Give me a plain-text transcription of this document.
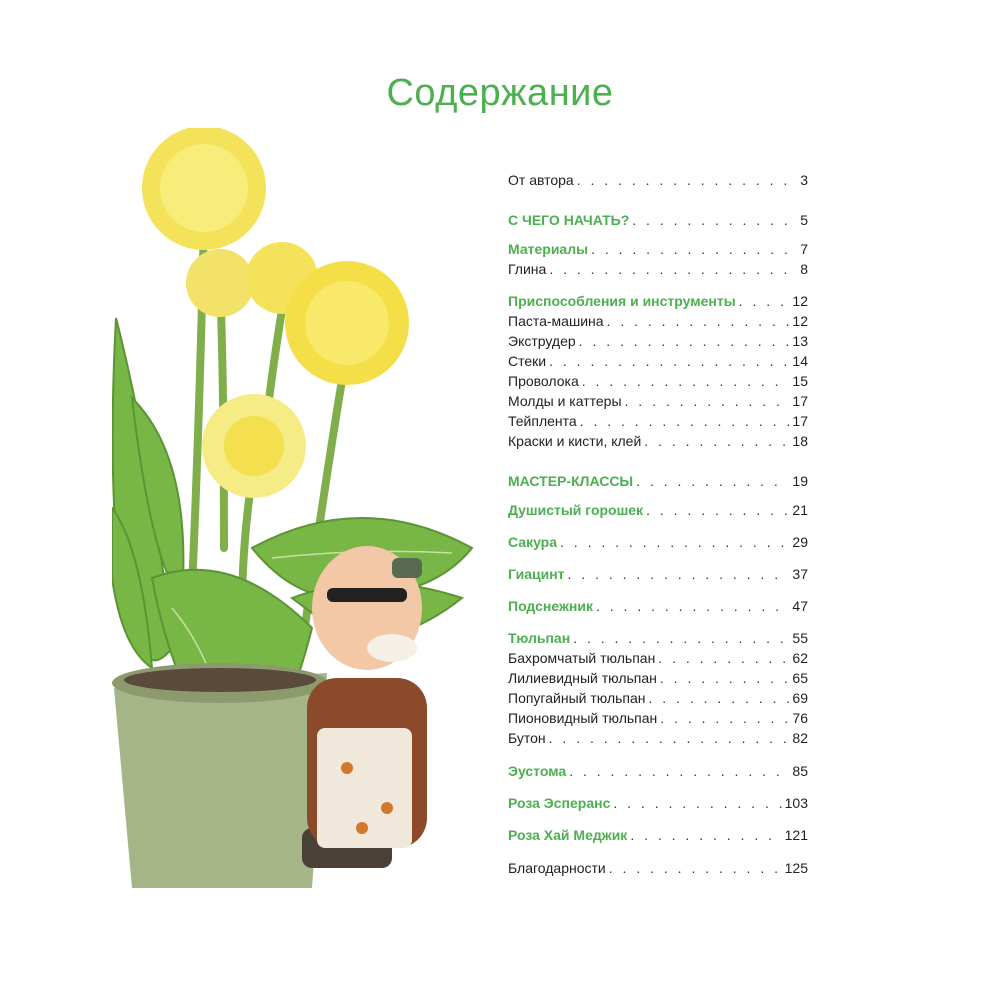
Содержание
От автора . . .	3
С ЧЕГО НАЧАТЬ? . . .	5
Материалы . . .	7
Глина . . .	8
Приспособления и инструменты . . .	12
Паста-машина . . .	12
Экструдер . . .	13
Стеки . . .	14
Проволока . . .	15
Молды и каттеры . . .	17
Тейплента . . .	17
Краски и кисти, клей . . .	18
МАСТЕР-КЛАССЫ . . .	19
Душистый горошек . . .	21
Сакура . . .	29
Гиацинт . . .	37
Подснежник . . .	47
Тюльпан . . .	55
Бахромчатый тюльпан . . .	62
Лилиевидный тюльпан . . .	65
Попугайный тюльпан . . .	69
Пионовидный тюльпан . . .	76
Бутон . . .	82
Эустома . . .	85
Роза Эсперанс . . .	103
Роза Хай Меджик . . .	121
Благодарности . . .	125
